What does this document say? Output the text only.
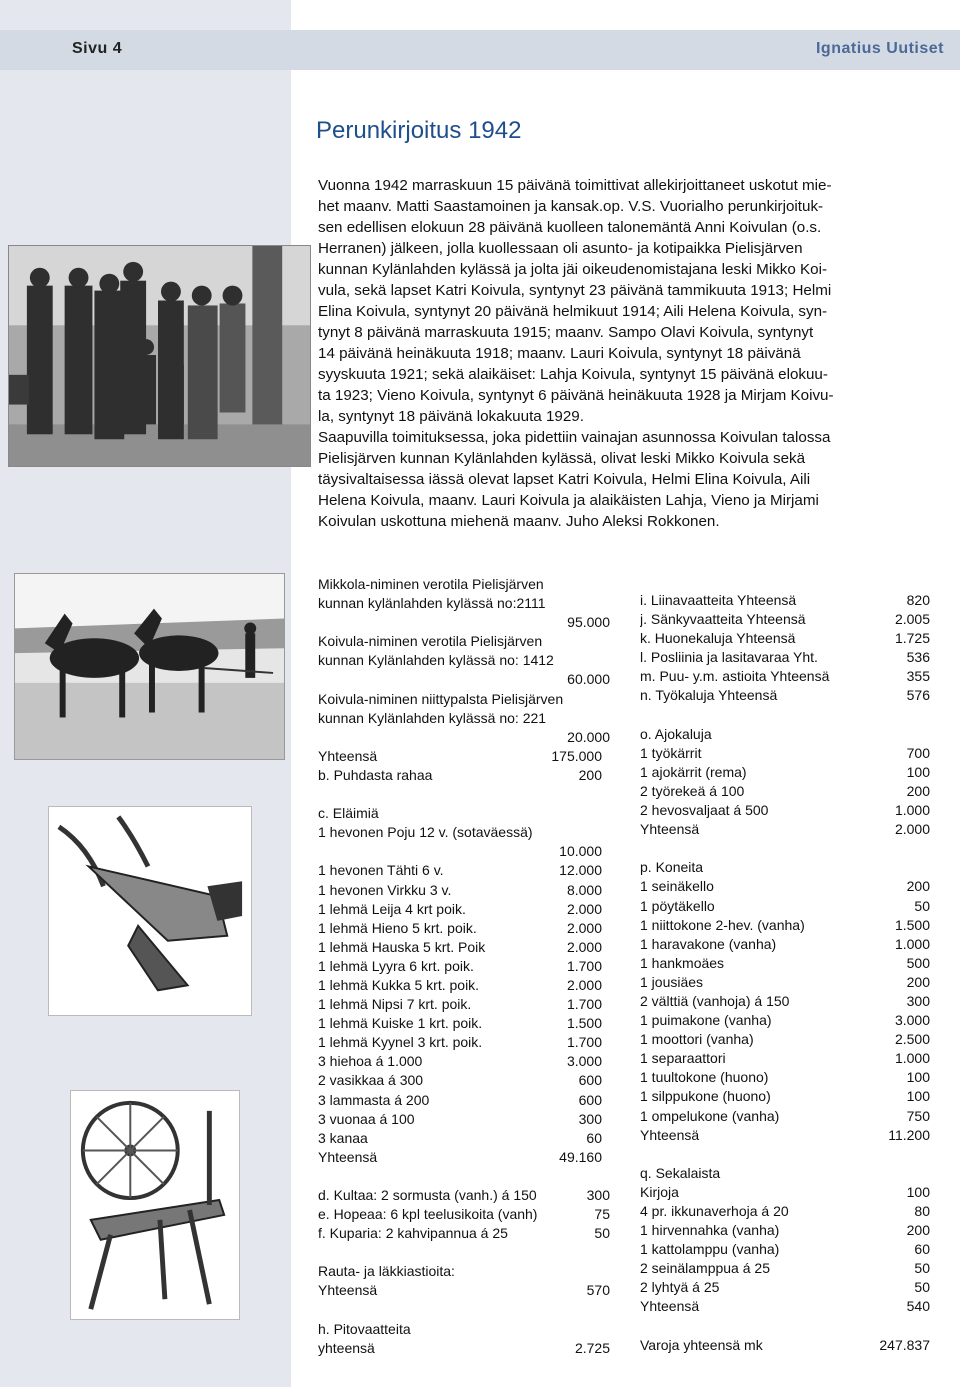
Sivu 4	Ignatius Uutiset
Perunkirjoitus 1942

Vuonna 1942 marraskuun 15 päivänä toimittivat allekirjoittaneet uskotut mie-
het maanv. Matti Saastamoinen ja kansak.op. V.S. Vuorialho perunkirjoituk-
sen edellisen elokuun 28 päivänä kuolleen talonemäntä Anni Koivulan (o.s.
Herranen) jälkeen, jolla kuollessaan oli asunto- ja kotipaikka Pielisjärven
kunnan Kylänlahden kylässä ja jolta jäi oikeudenomistajana leski Mikko Koi-
vula, sekä lapset Katri Koivula, syntynyt 23 päivänä tammikuuta 1913; Helmi
Elina Koivula, syntynyt 20 päivänä helmikuut 1914; Aili Helena Koivula, syn-
tynyt 8 päivänä marraskuuta 1915; maanv. Sampo Olavi Koivula, syntynyt
14 päivänä heinäkuuta 1918; maanv. Lauri Koivula, syntynyt 18 päivänä
syyskuuta 1921; sekä alaikäiset: Lahja Koivula, syntynyt 15 päivänä elokuu-
ta 1923; Vieno Koivula, syntynyt 6 päivänä heinäkuuta 1928 ja Mirjam Koivu-
la, syntynyt 18 päivänä lokakuuta 1929.

Saapuvilla toimituksessa, joka pidettiin vainajan asunnossa Koivulan talossa
Pielisjärven kunnan Kylänlahden kylässä, olivat leski Mikko Koivula sekä
täysivaltaisessa iässä olevat lapset Katri Koivula, Helmi Elina Koivula, Aili
Helena Koivula, maanv. Lauri Koivula ja alaikäisten Lahja, Vieno ja Mirjami
Koivulan uskottuna miehenä maanv. Juho Aleksi Rokkonen.

Mikkola-niminen verotila Pielisjärven
kunnan kylänlahden kylässä no:2111
95.000
Koivula-niminen verotila Pielisjärven
kunnan Kylänlahden kylässä no: 1412
60.000
Koivula-niminen niittypalsta Pielisjärven
kunnan Kylänlahden kylässä no: 221
20.000
Yhteensä	175.000
b. Puhdasta rahaa	200
c. Eläimiä
1 hevonen Poju 12 v. (sotaväessä)
10.000
1 hevonen Tähti 6 v.	12.000
1 hevonen Virkku 3 v.	8.000
1 lehmä Leija 4 krt poik.	2.000
1 lehmä Hieno 5 krt. poik.	2.000
1 lehmä Hauska 5 krt. Poik	2.000
1 lehmä Lyyra 6 krt. poik.	1.700
1 lehmä Kukka 5 krt. poik.	2.000
1 lehmä Nipsi 7 krt. poik.	1.700
1 lehmä Kuiske 1 krt. poik.	1.500
1 lehmä Kyynel 3 krt. poik.	1.700
3 hiehoa á 1.000	3.000
2 vasikkaa á 300	600
3 lammasta á 200	600
3 vuonaa á 100	300
3 kanaa	60
Yhteensä	49.160
d. Kultaa: 2 sormusta (vanh.) á 150	300
e. Hopeaa: 6 kpl teelusikoita (vanh)	75
f. Kuparia: 2 kahvipannua á 25	50
Rauta- ja läkkiastioita:
Yhteensä	570
h. Pitovaatteita
yhteensä	2.725
i. Liinavaatteita Yhteensä	820
j. Sänkyvaatteita Yhteensä	2.005
k. Huonekaluja Yhteensä	1.725
l. Posliinia ja lasitavaraa Yht.	536
m. Puu- y.m. astioita Yhteensä	355
n. Työkaluja Yhteensä	576
o. Ajokaluja
1 työkärrit	700
1 ajokärrit (rema)	100
2 työrekeä á 100	200
2 hevosvaljaat á 500	1.000
Yhteensä	2.000
p. Koneita
1 seinäkello	200
1 pöytäkello	50
1 niittokone 2-hev. (vanha)	1.500
1 haravakone (vanha)	1.000
1 hankmoäes	500
1 jousiäes	200
2 välttiä (vanhoja) á 150	300
1 puimakone (vanha)	3.000
1 moottori (vanha)	2.500
1 separaattori	1.000
1 tuultokone (huono)	100
1 silppukone (huono)	100
1 ompelukone (vanha)	750
Yhteensä	11.200
q. Sekalaista
Kirjoja	100
4 pr. ikkunaverhoja á 20	80
1 hirvennahka (vanha)	200
1 kattolamppu (vanha)	60
2 seinälamppua á 25	50
2 lyhtyä á 25	50
Yhteensä	540
Varoja yhteensä mk	247.837
